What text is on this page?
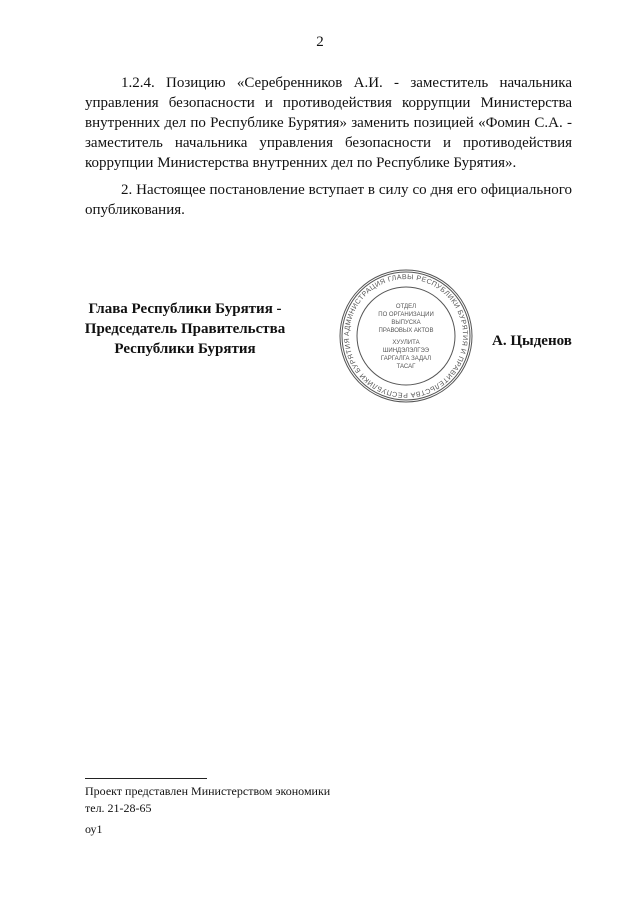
2

1.2.4. Позицию «Серебренников А.И. - заместитель начальника управления безопасности и противодействия коррупции Министерства внутренних дел по Республике Бурятия» заменить позицией «Фомин С.А. - заместитель начальника управления безопасности и противодействия коррупции Министерства внутренних дел по Республике Бурятия».

2. Настоящее постановление вступает в силу со дня его официального опубликования.

Глава Республики Бурятия -
Председатель Правительства
Республики Бурятия
АДМИНИСТРАЦИЯ ГЛАВЫ РЕСПУБЛИКИ БУРЯТИЯ И ПРАВИТЕЛЬСТВА РЕСПУБЛИКИ БУРЯТИЯ
ОТДЕЛ
ПО ОРГАНИЗАЦИИ
ВЫПУСКА
ПРАВОВЫХ АКТОВ
ХУУЛИТА
ШИНДЭЛЭЛГЭЭ
ГАРГАЛГА ЗАДАЛ
ТАСАГ
А. Цыденов
Проект представлен Министерством экономики
тел. 21-28-65
оу1
